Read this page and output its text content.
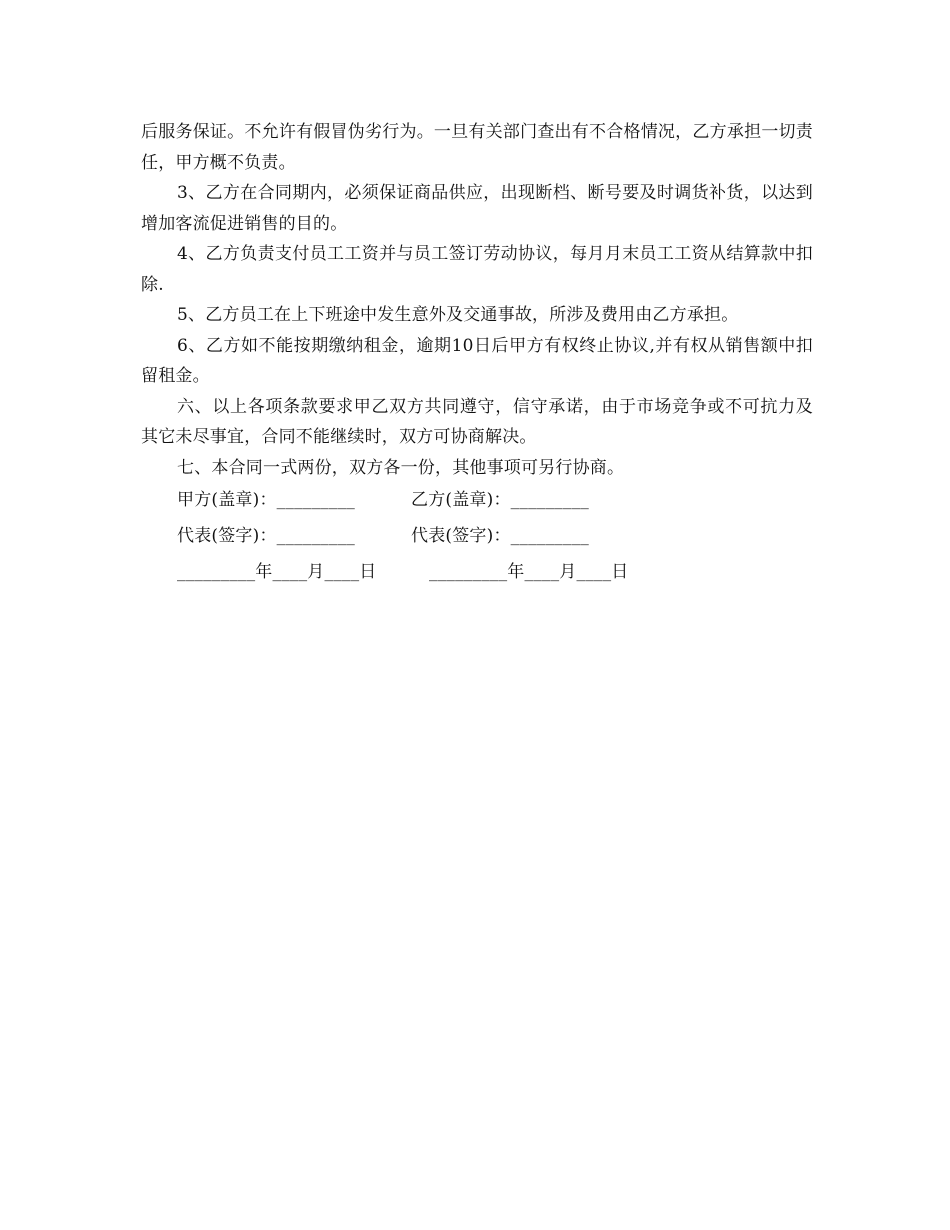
后服务保证。不允许有假冒伪劣行为。一旦有关部门查出有不合格情况，乙方承担一切责任，甲方概不负责。

3、乙方在合同期内，必须保证商品供应，出现断档、断号要及时调货补货，以达到增加客流促进销售的目的。

4、乙方负责支付员工工资并与员工签订劳动协议，每月月末员工工资从结算款中扣除.

5、乙方员工在上下班途中发生意外及交通事故，所涉及费用由乙方承担。

6、乙方如不能按期缴纳租金，逾期10日后甲方有权终止协议,并有权从销售额中扣留租金。

六、以上各项条款要求甲乙双方共同遵守，信守承诺，由于市场竞争或不可抗力及其它未尽事宜，合同不能继续时，双方可协商解决。

七、本合同一式两份，双方各一份，其他事项可另行协商。

甲方(盖章)：_________	乙方(盖章)：_________
代表(签字)：_________	代表(签字)：_________
_________年____月____日	_________年____月____日
